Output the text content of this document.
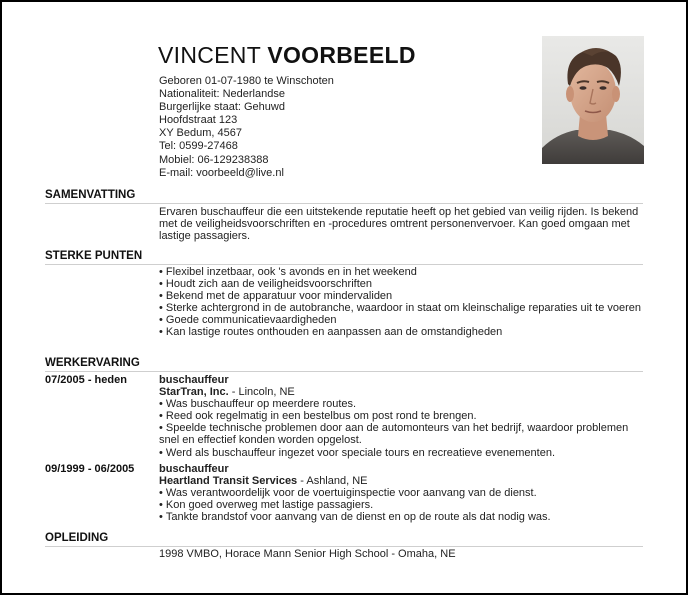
VINCENT VOORBEELD
Geboren 01-07-1980 te Winschoten
Nationaliteit: Nederlandse
Burgerlijke staat: Gehuwd
Hoofdstraat 123
XY Bedum, 4567
Tel: 0599-27468
Mobiel: 06-129238388
E-mail: voorbeeld@live.nl
SAMENVATTING
Ervaren buschauffeur die een uitstekende reputatie heeft op het gebied van veilig rijden. Is bekend met de veiligheidsvoorschriften en -procedures omtrent personenvervoer. Kan goed omgaan met lastige passagiers.
STERKE PUNTEN
• Flexibel inzetbaar, ook 's avonds en in het weekend
• Houdt zich aan de veiligheidsvoorschriften
• Bekend met de apparatuur voor mindervaliden
• Sterke achtergrond in de autobranche, waardoor in staat om kleinschalige reparaties uit te voeren
• Goede communicatievaardigheden
• Kan lastige routes onthouden en aanpassen aan de omstandigheden
WERKERVARING
07/2005 - heden	buschauffeur
StarTran, Inc. - Lincoln, NE
• Was buschauffeur op meerdere routes.
• Reed ook regelmatig in een bestelbus om post rond te brengen.
• Speelde technische problemen door aan de automonteurs van het bedrijf, waardoor problemen snel en effectief konden worden opgelost.
• Werd als buschauffeur ingezet voor speciale tours en recreatieve evenementen.
09/1999 - 06/2005 buschauffeur
Heartland Transit Services - Ashland, NE
• Was verantwoordelijk voor de voertuiginspectie voor aanvang van de dienst.
• Kon goed overweg met lastige passagiers.
• Tankte brandstof voor aanvang van de dienst en op de route als dat nodig was.
OPLEIDING
1998 VMBO, Horace Mann Senior High School - Omaha, NE
